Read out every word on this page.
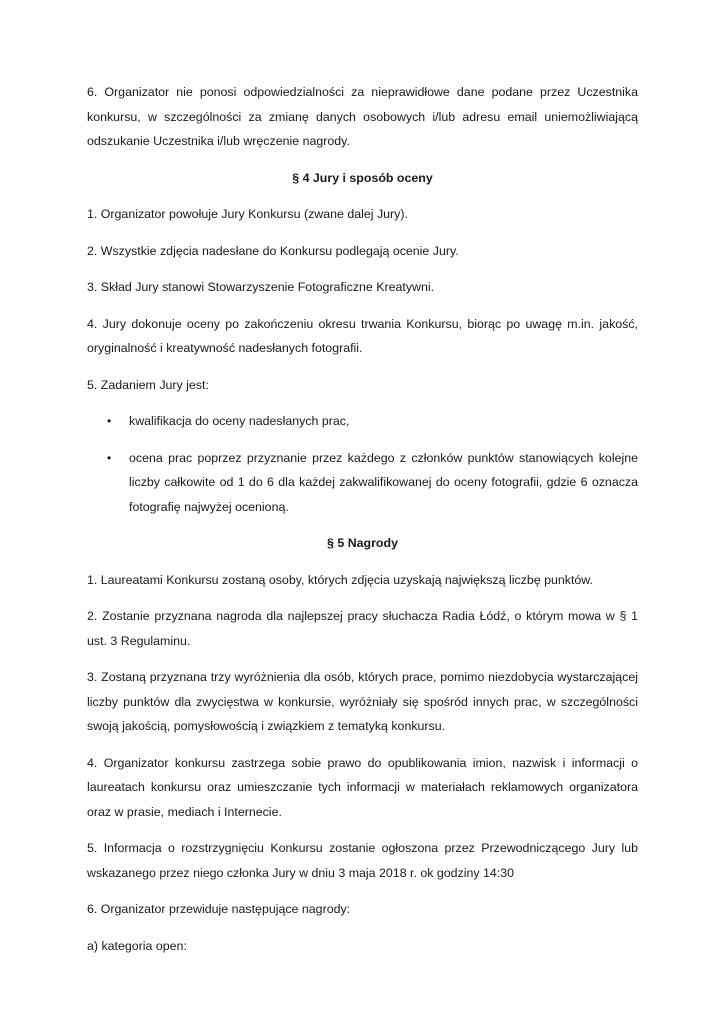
6. Organizator nie ponosi odpowiedzialności za nieprawidłowe dane podane przez Uczestnika konkursu, w szczególności za zmianę danych osobowych i/lub adresu email uniemożliwiającą odszukanie Uczestnika i/lub wręczenie nagrody.

§ 4 Jury i sposób oceny

1. Organizator powołuje Jury Konkursu (zwane dalej Jury).

2. Wszystkie zdjęcia nadesłane do Konkursu podlegają ocenie Jury.

3. Skład Jury stanowi Stowarzyszenie Fotograficzne Kreatywni.

4. Jury dokonuje oceny po zakończeniu okresu trwania Konkursu, biorąc po uwagę m.in. jakość, oryginalność i kreatywność nadesłanych fotografii.

5. Zadaniem Jury jest:

• kwalifikacja do oceny nadesłanych prac,
• ocena prac poprzez przyznanie przez każdego z członków punktów stanowiących kolejne liczby całkowite od 1 do 6 dla każdej zakwalifikowanej do oceny fotografii, gdzie 6 oznacza fotografię najwyżej ocenioną.

§ 5 Nagrody

1. Laureatami Konkursu zostaną osoby, których zdjęcia uzyskają największą liczbę punktów.

2. Zostanie przyznana nagroda dla najlepszej pracy słuchacza Radia Łódź, o którym mowa w § 1 ust. 3 Regulaminu.

3. Zostaną przyznana trzy wyróżnienia dla osób, których prace, pomimo niezdobycia wystarczającej liczby punktów dla zwycięstwa w konkursie, wyróżniały się spośród innych prac, w szczególności swoją jakością, pomysłowością i związkiem z tematyką konkursu.

4. Organizator konkursu zastrzega sobie prawo do opublikowania imion, nazwisk i informacji o laureatach konkursu oraz umieszczanie tych informacji w materiałach reklamowych organizatora oraz w prasie, mediach i Internecie.

5. Informacja o rozstrzygnięciu Konkursu zostanie ogłoszona przez Przewodniczącego Jury lub wskazanego przez niego członka Jury w dniu 3 maja 2018 r. ok godziny 14:30

6. Organizator przewiduje następujące nagrody:

a) kategoria open:
